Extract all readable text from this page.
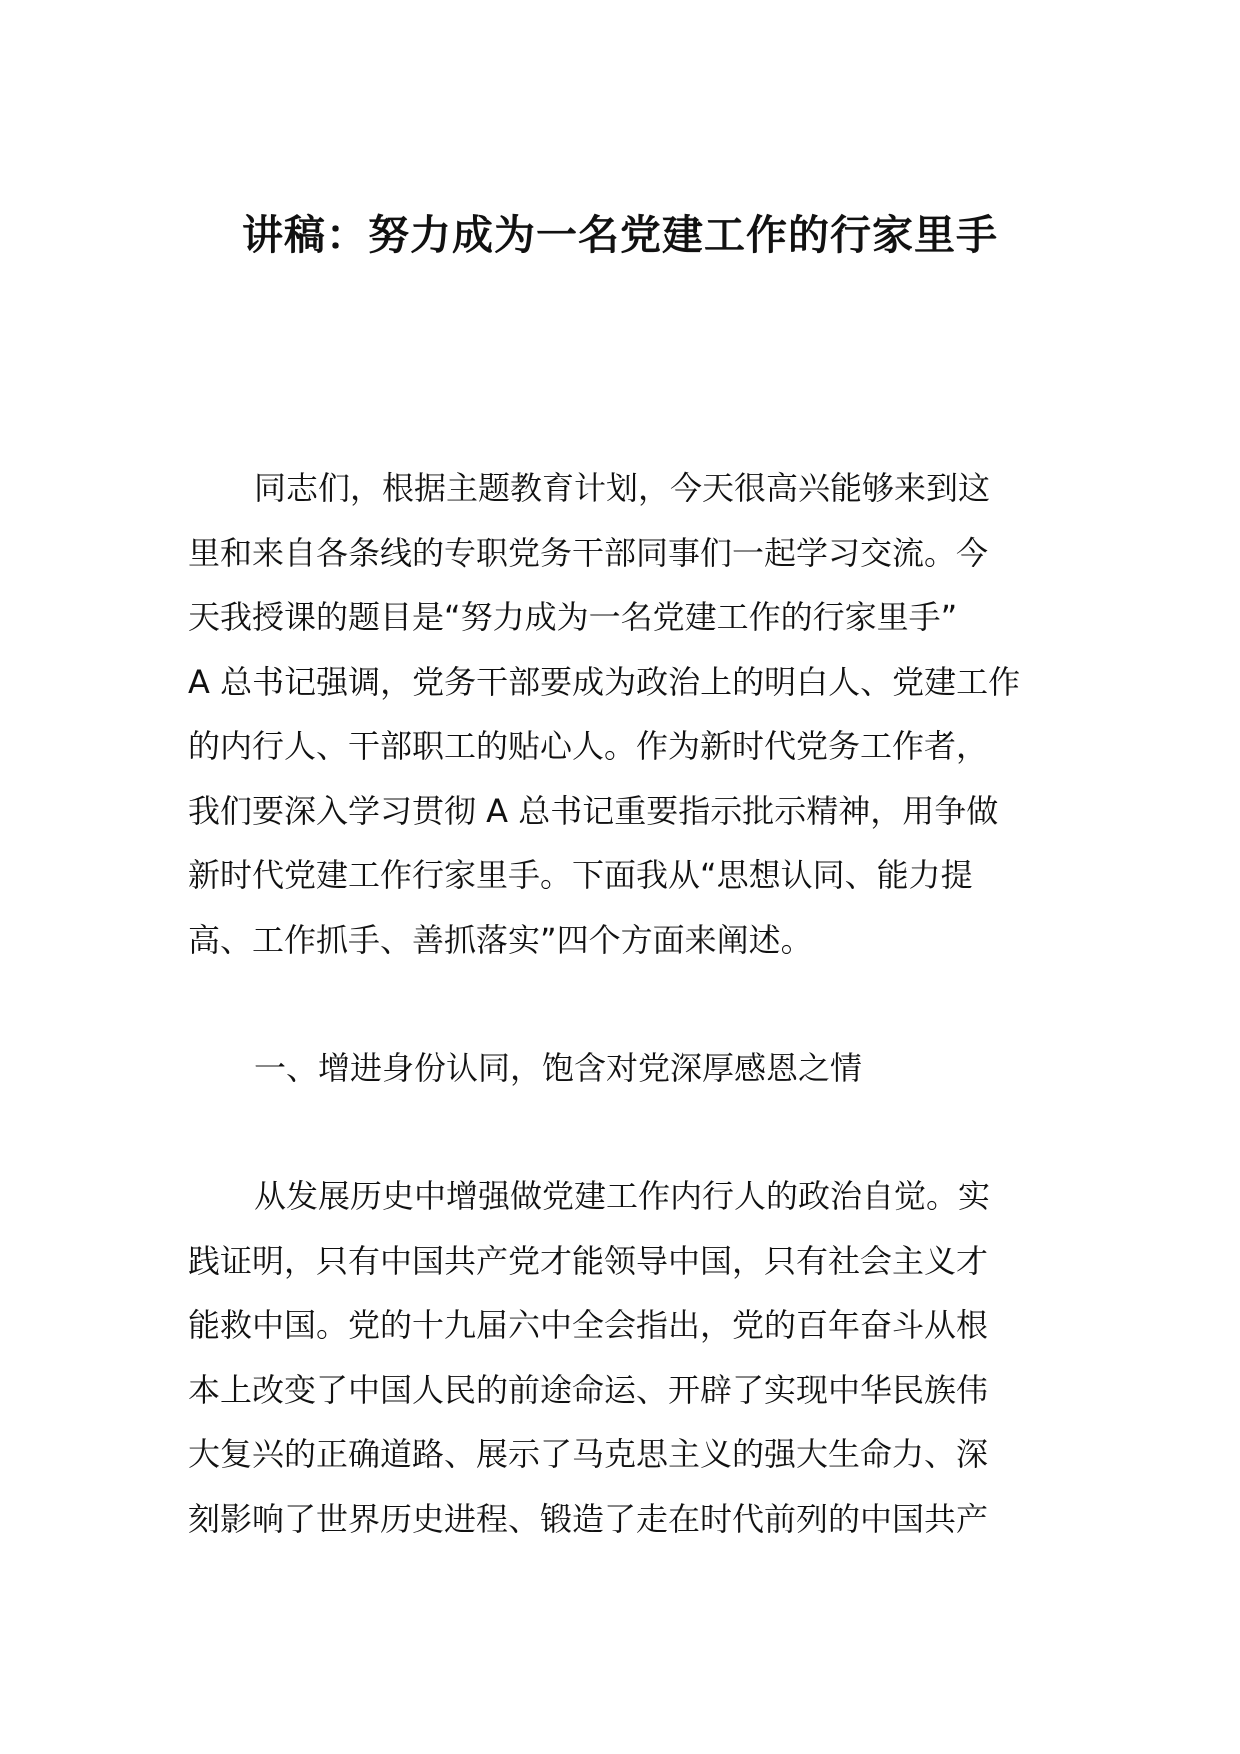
讲稿：努力成为一名党建工作的行家里手

同志们，根据主题教育计划，今天很高兴能够来到这

里和来自各条线的专职党务干部同事们一起学习交流。今

天我授课的题目是“努力成为一名党建工作的行家里手”

A 总书记强调，党务干部要成为政治上的明白人、党建工作

的内行人、干部职工的贴心人。作为新时代党务工作者，

我们要深入学习贯彻 A 总书记重要指示批示精神，用争做

新时代党建工作行家里手。下面我从“思想认同、能力提

高、工作抓手、善抓落实”四个方面来阐述。

一、增进身份认同，饱含对党深厚感恩之情

从发展历史中增强做党建工作内行人的政治自觉。实

践证明，只有中国共产党才能领导中国，只有社会主义才

能救中国。党的十九届六中全会指出，党的百年奋斗从根

本上改变了中国人民的前途命运、开辟了实现中华民族伟

大复兴的正确道路、展示了马克思主义的强大生命力、深

刻影响了世界历史进程、锻造了走在时代前列的中国共产
